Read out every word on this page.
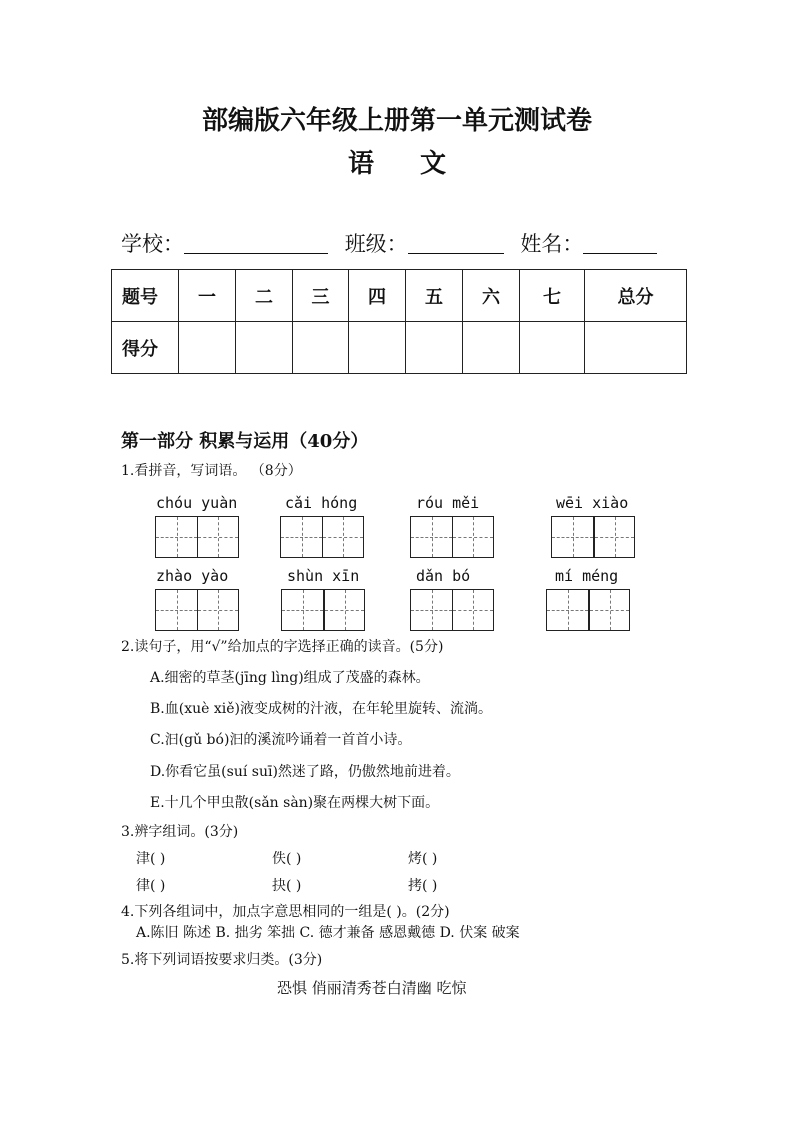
部编版六年级上册第一单元测试卷
语文
学校：	班级：	姓名：
题号	一	二	三	四	五	六	七	总分
得分								
第一部分 积累与运用（40分）
1.看拼音，写词语。 （8分）
chóu yuàn	cǎi hóng	róu měi	wēi xiào
zhào yào	shùn xīn	dǎn bó	mí méng
2.读句子，用“√”给加点的字选择正确的读音。(5分)
A.细密的草茎(jīng lìng)组成了茂盛的森林。
B.血(xuè xiě)液变成树的汁液，在年轮里旋转、流淌。
C.汩(gǔ bó)汩的溪流吟诵着一首首小诗。
D.你看它虽(suí suī)然迷了路，仍傲然地前进着。
E.十几个甲虫散(sǎn sàn)聚在两棵大树下面。
3.辨字组词。(3分)
津( )	佚( )	烤( )
律( )	抉( )	拷( )
4.下列各组词中，加点字意思相同的一组是( )。(2分)
A.陈旧 陈述 B. 拙劣 笨拙 C. 德才兼备 感恩戴德 D. 伏案 破案
5.将下列词语按要求归类。(3分)
恐惧 俏丽清秀苍白清幽 吃惊
